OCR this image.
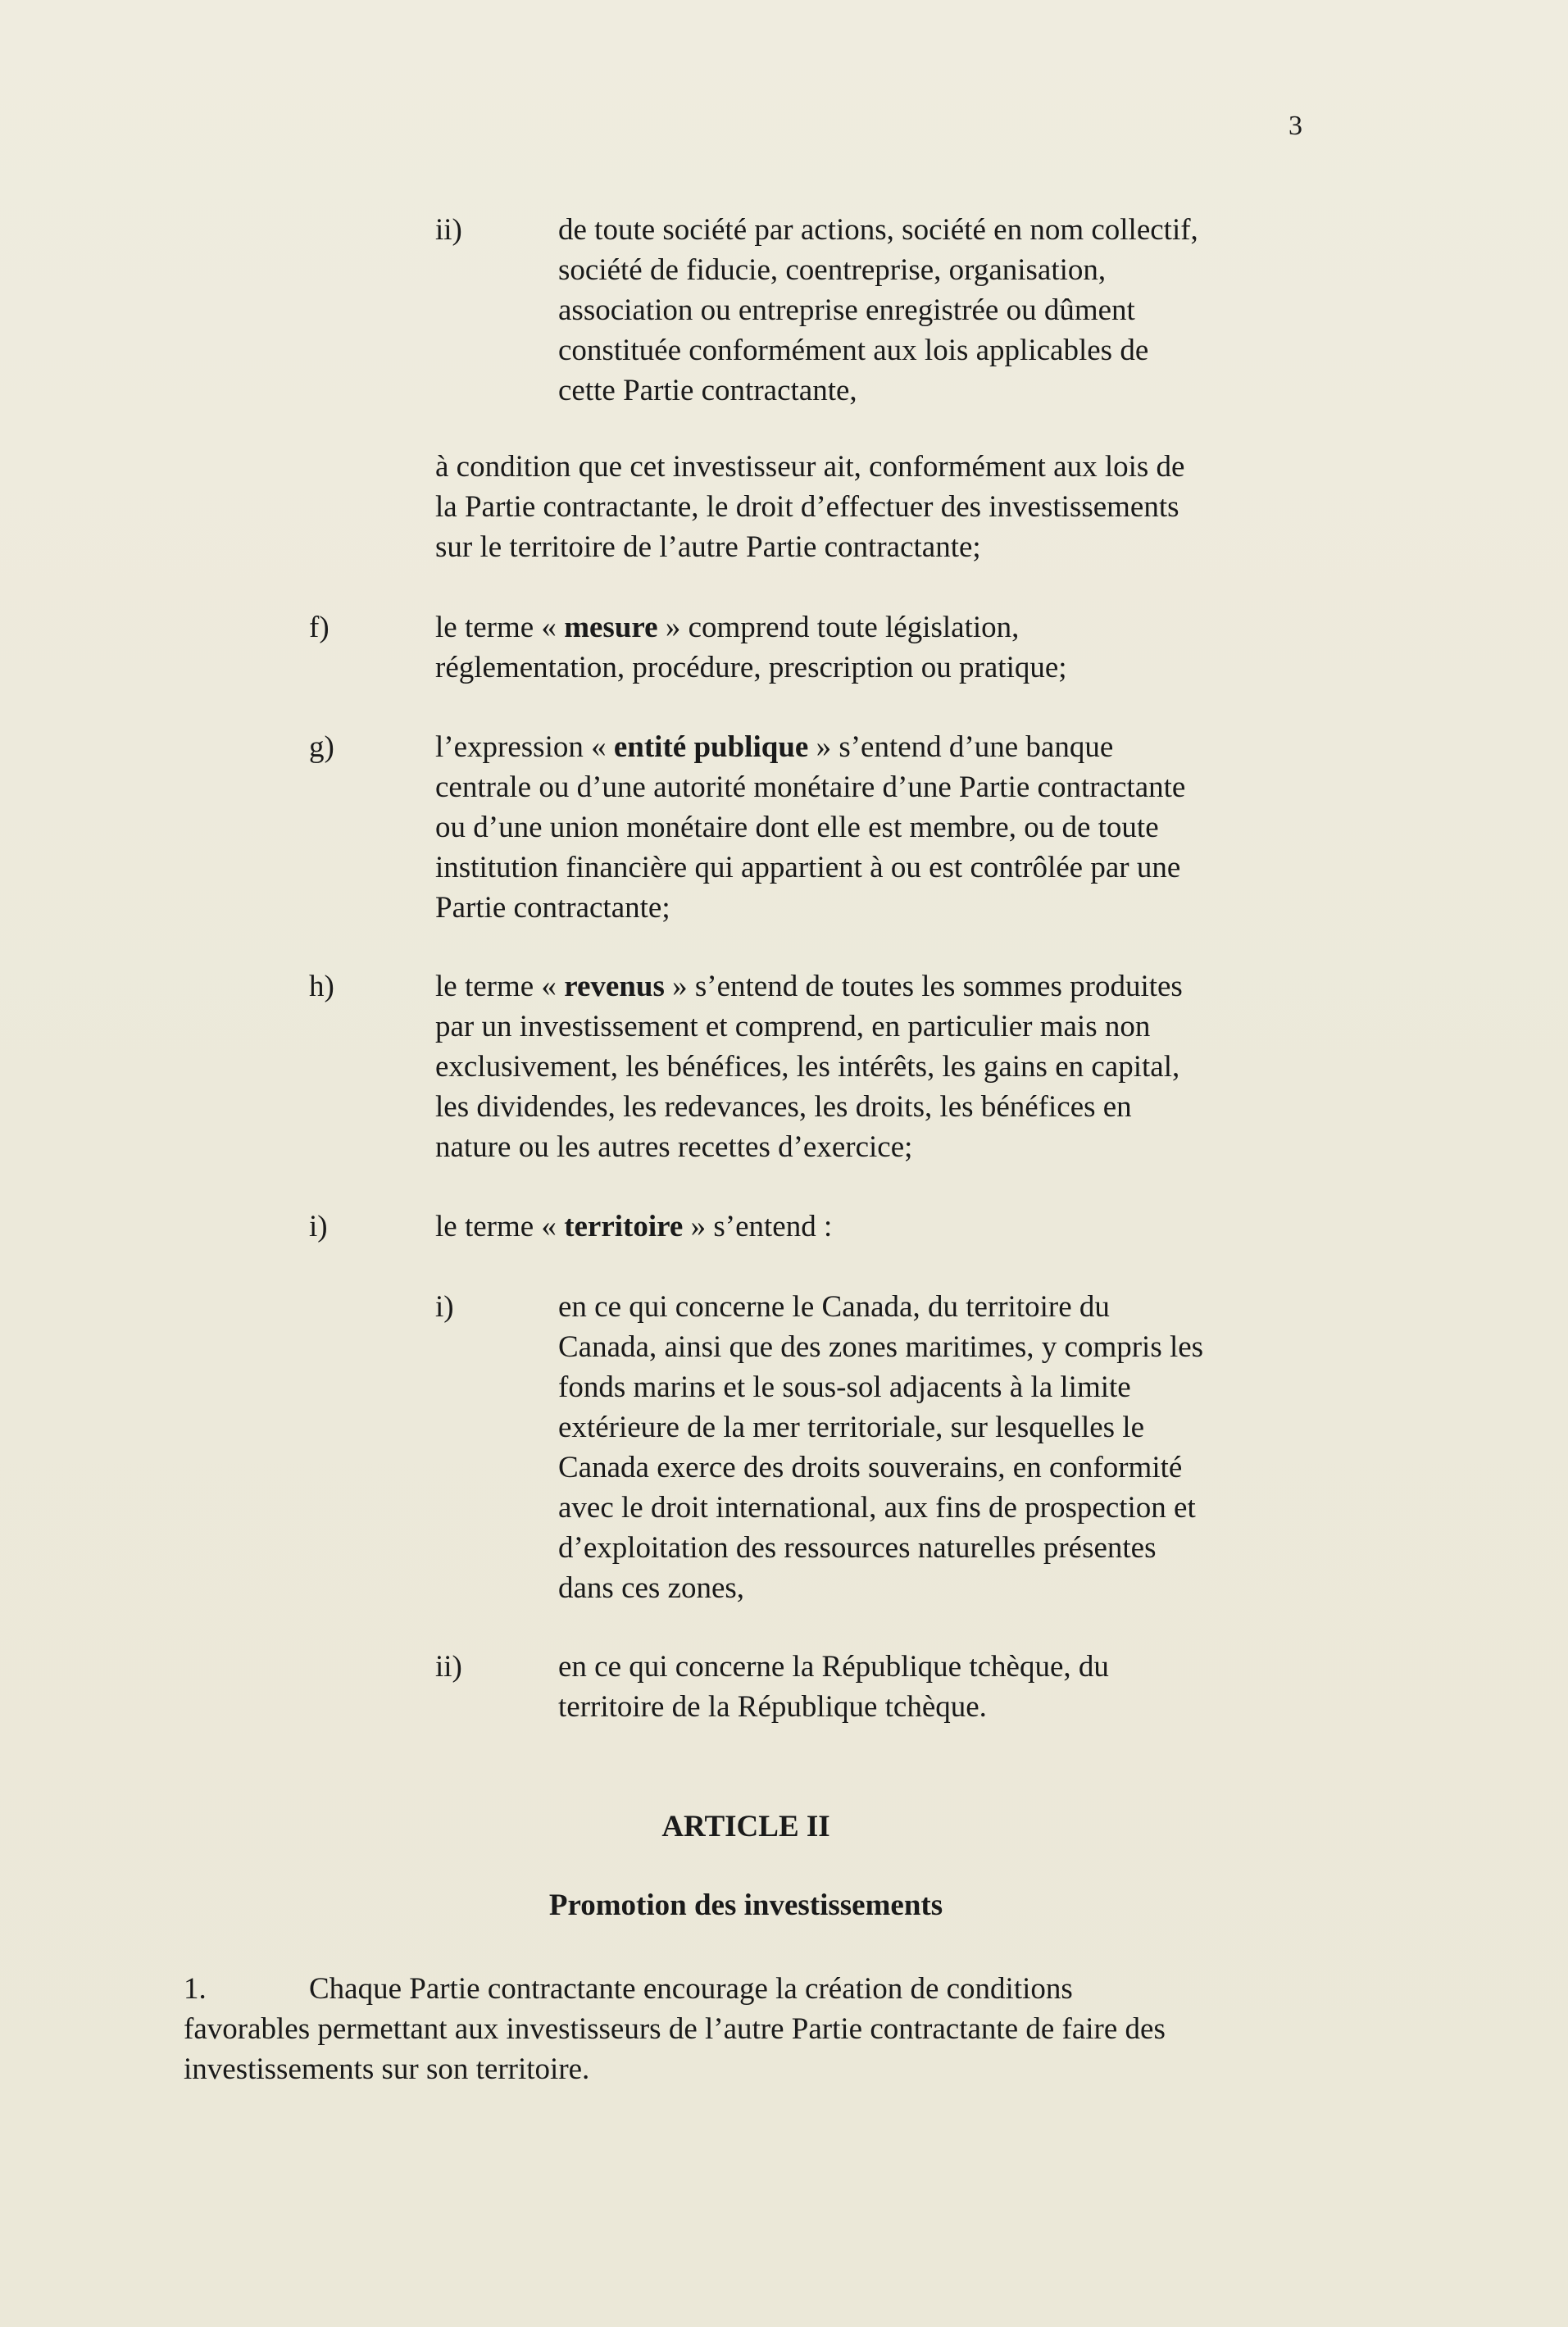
3
ii)	de toute société par actions, société en nom collectif,
société de fiducie, coentreprise, organisation,
association ou entreprise enregistrée ou dûment
constituée conformément aux lois applicables de
cette Partie contractante,
à condition que cet investisseur ait, conformément aux lois de
la Partie contractante, le droit d’effectuer des investissements
sur le territoire de l’autre Partie contractante;
f)	le terme « mesure » comprend toute législation,
réglementation, procédure, prescription ou pratique;
g)	l’expression « entité publique » s’entend d’une banque
centrale ou d’une autorité monétaire d’une Partie contractante
ou d’une union monétaire dont elle est membre, ou de toute
institution financière qui appartient à ou est contrôlée par une
Partie contractante;
h)	le terme « revenus » s’entend de toutes les sommes produites
par un investissement et comprend, en particulier mais non
exclusivement, les bénéfices, les intérêts, les gains en capital,
les dividendes, les redevances, les droits, les bénéfices en
nature ou les autres recettes d’exercice;
i)	le terme « territoire » s’entend :
i)	en ce qui concerne le Canada, du territoire du
Canada, ainsi que des zones maritimes, y compris les
fonds marins et le sous-sol adjacents à la limite
extérieure de la mer territoriale, sur lesquelles le
Canada exerce des droits souverains, en conformité
avec le droit international, aux fins de prospection et
d’exploitation des ressources naturelles présentes
dans ces zones,
ii)	en ce qui concerne la République tchèque, du
territoire de la République tchèque.
ARTICLE II
Promotion des investissements
1.	Chaque Partie contractante encourage la création de conditions
favorables permettant aux investisseurs de l’autre Partie contractante de faire des
investissements sur son territoire.
